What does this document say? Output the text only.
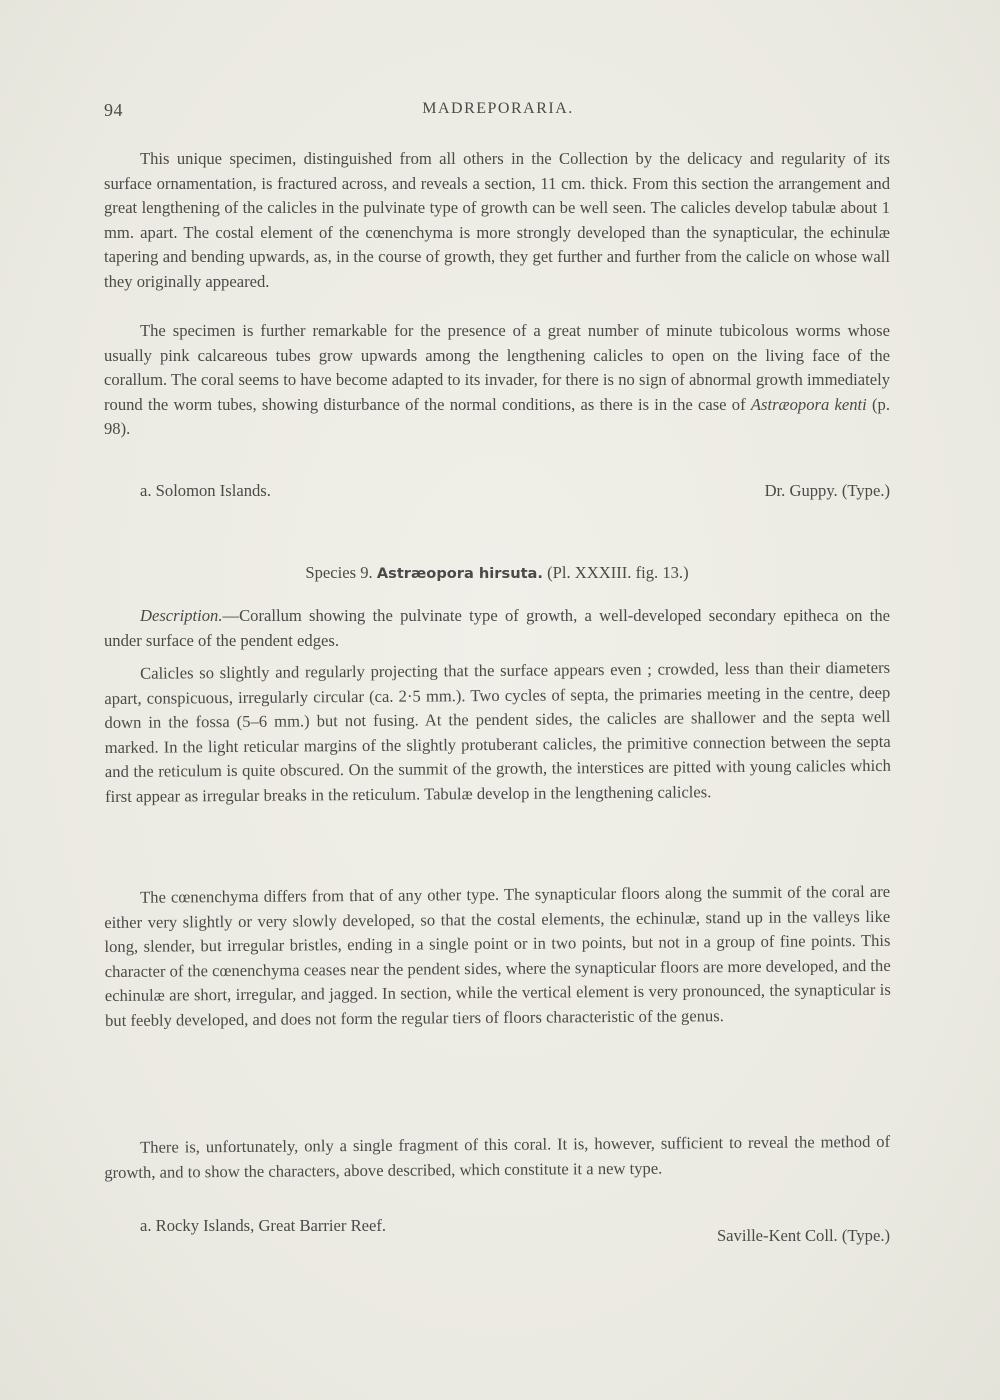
94	MADREPORARIA.

This unique specimen, distinguished from all others in the Collection by the delicacy and regularity of its surface ornamentation, is fractured across, and reveals a section, 11 cm. thick. From this section the arrangement and great lengthening of the calicles in the pulvinate type of growth can be well seen. The calicles develop tabulæ about 1 mm. apart. The costal element of the cœnenchyma is more strongly developed than the synapticular, the echinulæ tapering and bending upwards, as, in the course of growth, they get further and further from the calicle on whose wall they originally appeared.

The specimen is further remarkable for the presence of a great number of minute tubicolous worms whose usually pink calcareous tubes grow upwards among the lengthening calicles to open on the living face of the corallum. The coral seems to have become adapted to its invader, for there is no sign of abnormal growth immediately round the worm tubes, showing disturbance of the normal conditions, as there is in the case of Astræopora kenti (p. 98).

a. Solomon Islands.	Dr. Guppy. (Type.)
Species 9. Astræopora hirsuta. (Pl. XXXIII. fig. 13.)

Description.—Corallum showing the pulvinate type of growth, a well-developed secondary epitheca on the under surface of the pendent edges.

Calicles so slightly and regularly projecting that the surface appears even ; crowded, less than their diameters apart, conspicuous, irregularly circular (ca. 2·5 mm.). Two cycles of septa, the primaries meeting in the centre, deep down in the fossa (5–6 mm.) but not fusing. At the pendent sides, the calicles are shallower and the septa well marked. In the light reticular margins of the slightly protuberant calicles, the primitive connection between the septa and the reticulum is quite obscured. On the summit of the growth, the interstices are pitted with young calicles which first appear as irregular breaks in the reticulum. Tabulæ develop in the lengthening calicles.

The cœnenchyma differs from that of any other type. The synapticular floors along the summit of the coral are either very slightly or very slowly developed, so that the costal elements, the echinulæ, stand up in the valleys like long, slender, but irregular bristles, ending in a single point or in two points, but not in a group of fine points. This character of the cœnenchyma ceases near the pendent sides, where the synapticular floors are more developed, and the echinulæ are short, irregular, and jagged. In section, while the vertical element is very pronounced, the synapticular is but feebly developed, and does not form the regular tiers of floors characteristic of the genus.

There is, unfortunately, only a single fragment of this coral. It is, however, sufficient to reveal the method of growth, and to show the characters, above described, which constitute it a new type.

a. Rocky Islands, Great Barrier Reef.
Saville-Kent Coll. (Type.)
